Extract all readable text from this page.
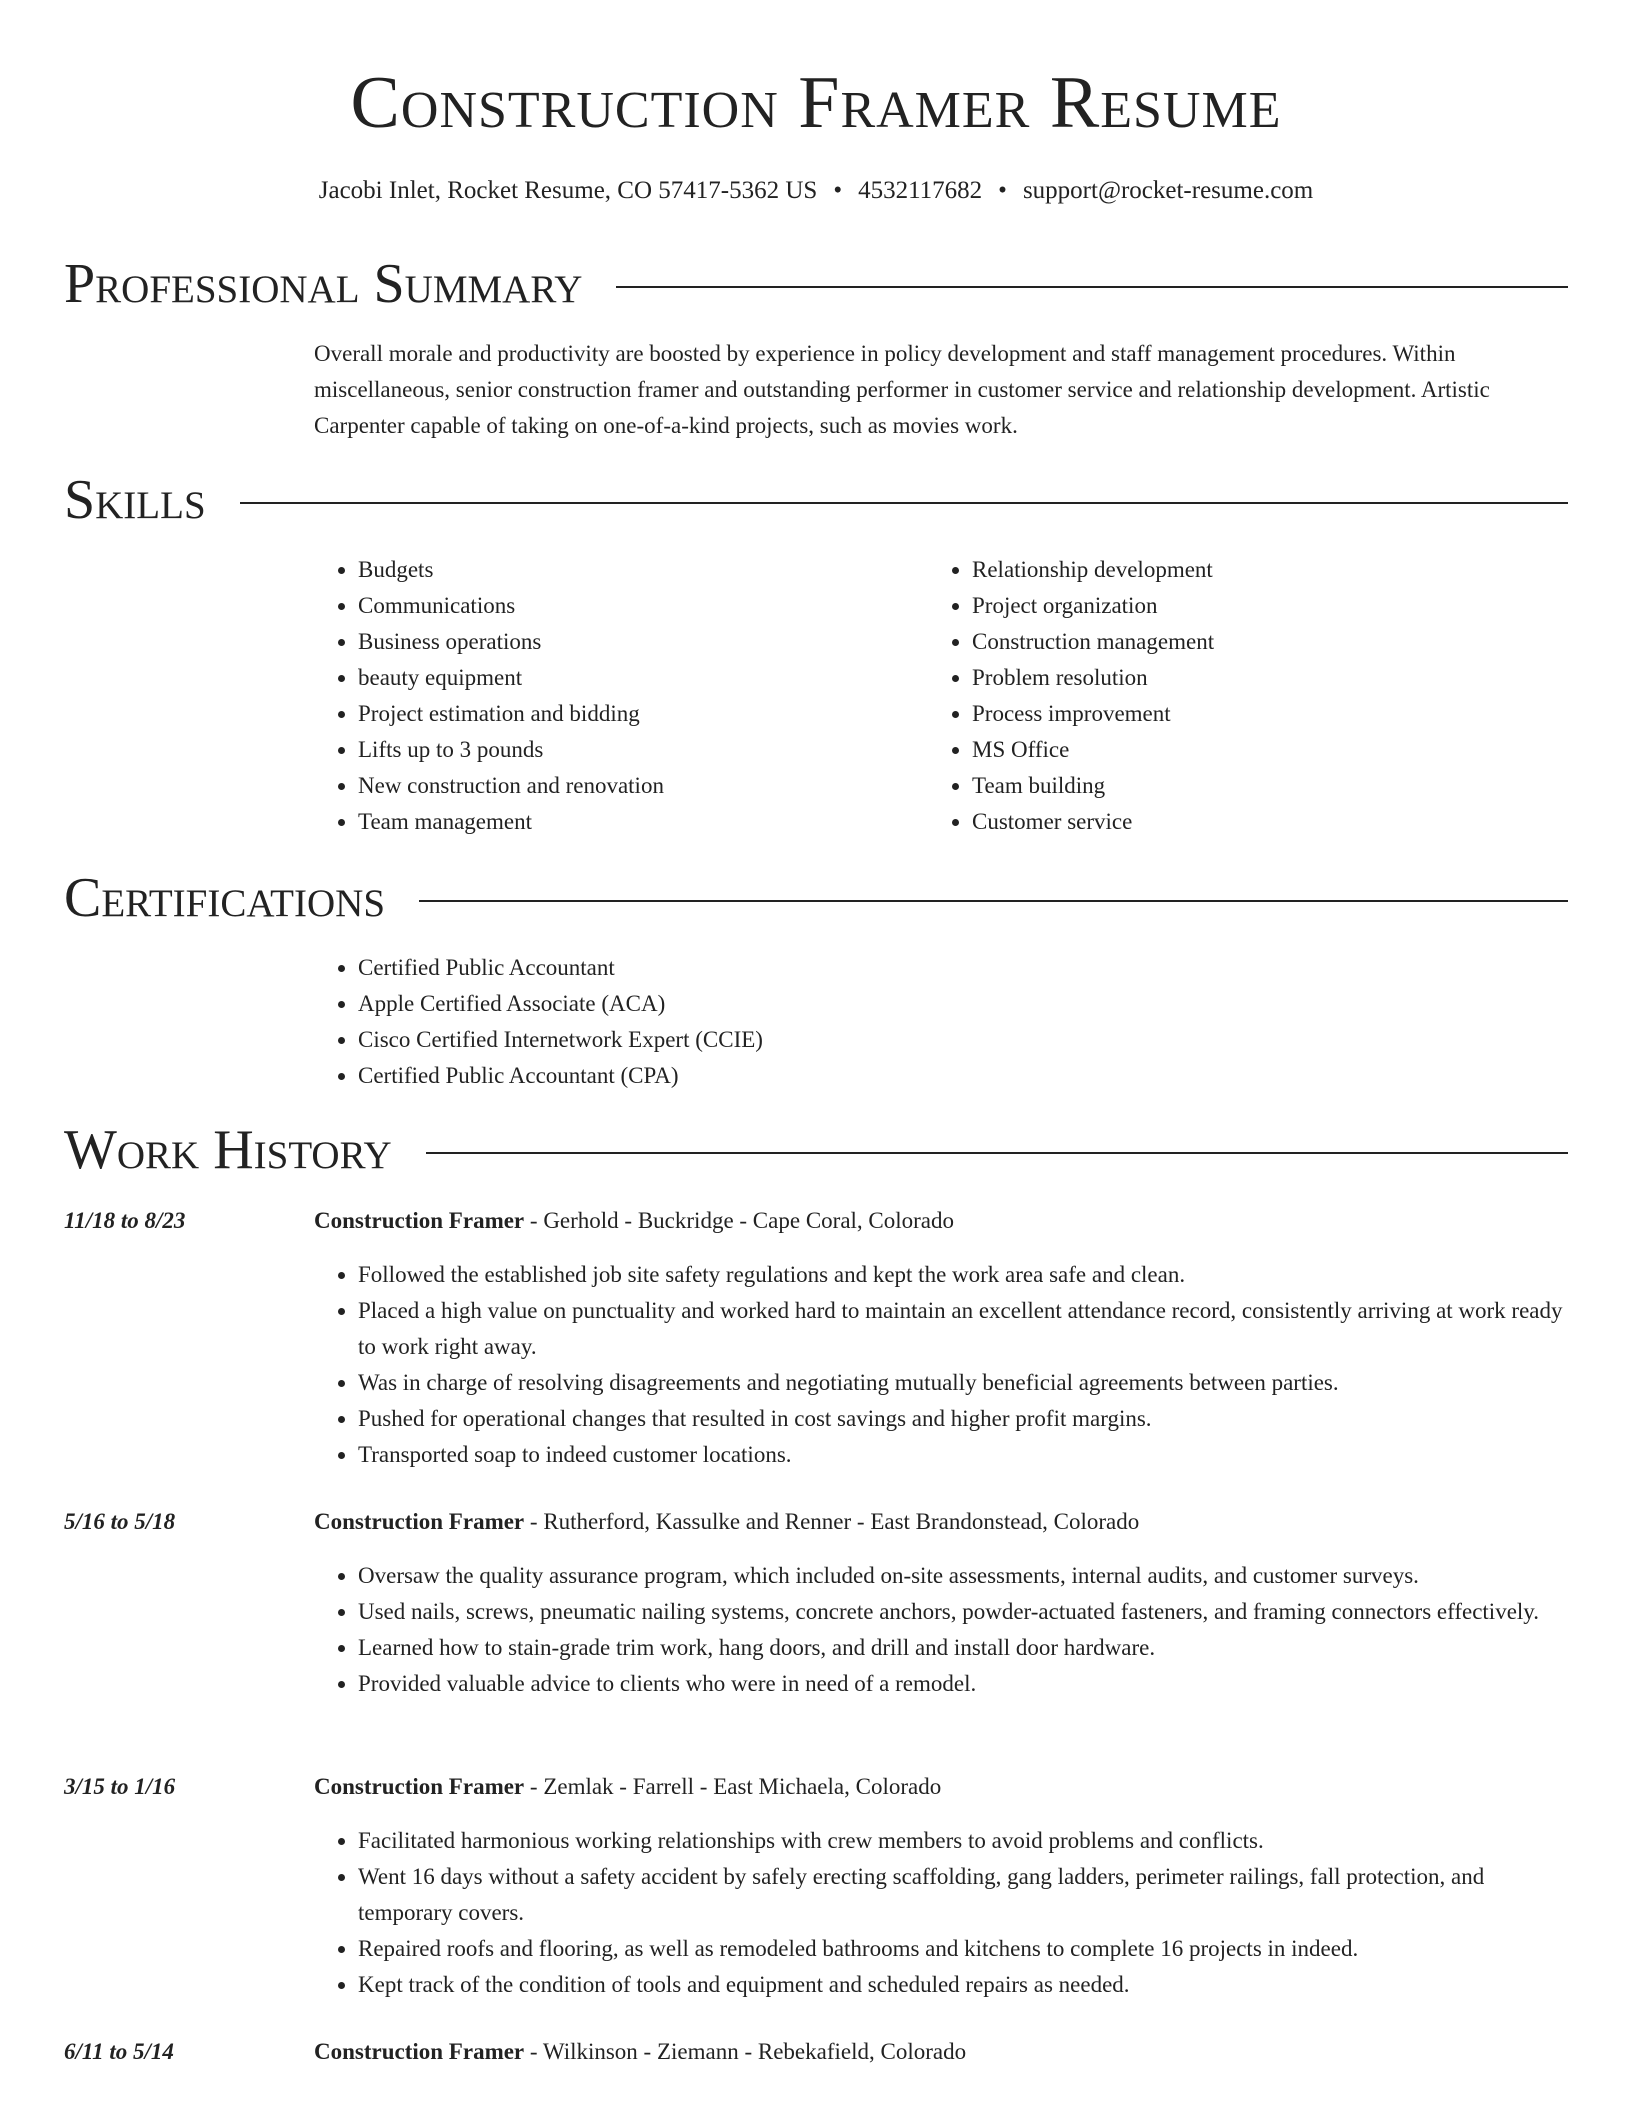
Construction Framer Resume
Jacobi Inlet, Rocket Resume, CO 57417-5362 US • 4532117682 • support@rocket-resume.com
Professional Summary
Overall morale and productivity are boosted by experience in policy development and staff management procedures. Within miscellaneous, senior construction framer and outstanding performer in customer service and relationship development. Artistic Carpenter capable of taking on one-of-a-kind projects, such as movies work.
Skills
• Budgets
• Communications
• Business operations
• beauty equipment
• Project estimation and bidding
• Lifts up to 3 pounds
• New construction and renovation
• Team management
• Relationship development
• Project organization
• Construction management
• Problem resolution
• Process improvement
• MS Office
• Team building
• Customer service
Certifications
• Certified Public Accountant
• Apple Certified Associate (ACA)
• Cisco Certified Internetwork Expert (CCIE)
• Certified Public Accountant (CPA)
Work History
11/18 to 8/23	Construction Framer - Gerhold - Buckridge - Cape Coral, Colorado
• Followed the established job site safety regulations and kept the work area safe and clean.
• Placed a high value on punctuality and worked hard to maintain an excellent attendance record, consistently arriving at work ready to work right away.
• Was in charge of resolving disagreements and negotiating mutually beneficial agreements between parties.
• Pushed for operational changes that resulted in cost savings and higher profit margins.
• Transported soap to indeed customer locations.
5/16 to 5/18	Construction Framer - Rutherford, Kassulke and Renner - East Brandonstead, Colorado
• Oversaw the quality assurance program, which included on-site assessments, internal audits, and customer surveys.
• Used nails, screws, pneumatic nailing systems, concrete anchors, powder-actuated fasteners, and framing connectors effectively.
• Learned how to stain-grade trim work, hang doors, and drill and install door hardware.
• Provided valuable advice to clients who were in need of a remodel.
3/15 to 1/16	Construction Framer - Zemlak - Farrell - East Michaela, Colorado
• Facilitated harmonious working relationships with crew members to avoid problems and conflicts.
• Went 16 days without a safety accident by safely erecting scaffolding, gang ladders, perimeter railings, fall protection, and temporary covers.
• Repaired roofs and flooring, as well as remodeled bathrooms and kitchens to complete 16 projects in indeed.
• Kept track of the condition of tools and equipment and scheduled repairs as needed.
6/11 to 5/14	Construction Framer - Wilkinson - Ziemann - Rebekafield, Colorado
